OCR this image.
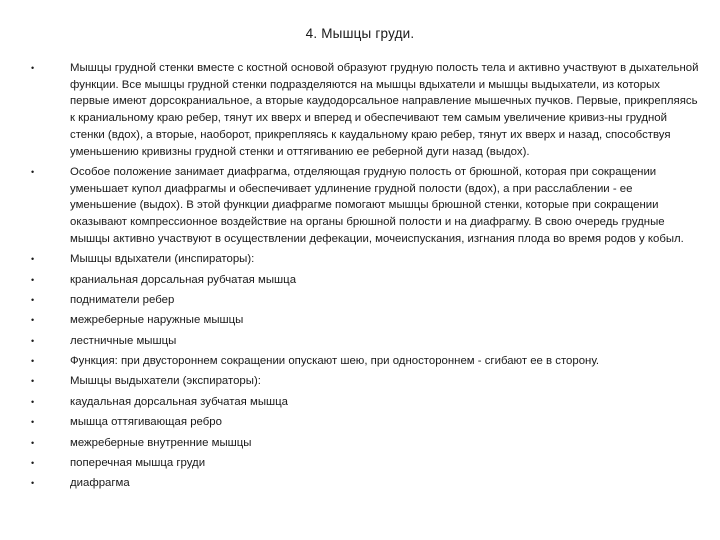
4. Мышцы груди.
•	Мышцы грудной стенки вместе с костной основой образуют грудную полость тела и активно участвуют в дыхательной функции. Все мышцы грудной стенки подразделяются на мышцы вдыхатели и мышцы выдыхатели, из которых первые имеют дорсокраниальное, а вторые каудодорсальное направление мышечных пучков. Первые, прикрепляясь к краниальному краю ребер, тянут их вверх и вперед и обеспечивают тем самым увеличение кривиз-ны грудной стенки (вдох), а вторые, наоборот, прикрепляясь к каудальному краю ребер, тянут их вверх и назад, способствуя уменьшению кривизны грудной стенки и оттягиванию ее реберной дуги назад (выдох).
•	Особое положение занимает диафрагма, отделяющая грудную полость от брюшной, которая при сокращении уменьшает купол диафрагмы и обеспечивает удлинение грудной полости (вдох), а при расслаблении - ее уменьшение (выдох). В этой функции диафрагме помогают мышцы брюшной стенки, которые при сокращении оказывают компрессионное воздействие на органы брюшной полости и на диафрагму. В свою очередь грудные мышцы активно участвуют в осуществлении дефекации, мочеиспускания, изгнания плода во время родов у кобыл.
•	Мышцы вдыхатели (инспираторы):
•	краниальная дорсальная рубчатая мышца
•	подниматели ребер
•	межреберные наружные мышцы
•	лестничные мышцы
•	Функция: при двустороннем сокращении опускают шею, при одностороннем - сгибают ее в сторону.
•	Мышцы выдыхатели (экспираторы):
•	каудальная дорсальная зубчатая мышца
•	мышца оттягивающая ребро
•	межреберные внутренние мышцы
•	поперечная мышца груди
•	диафрагма
